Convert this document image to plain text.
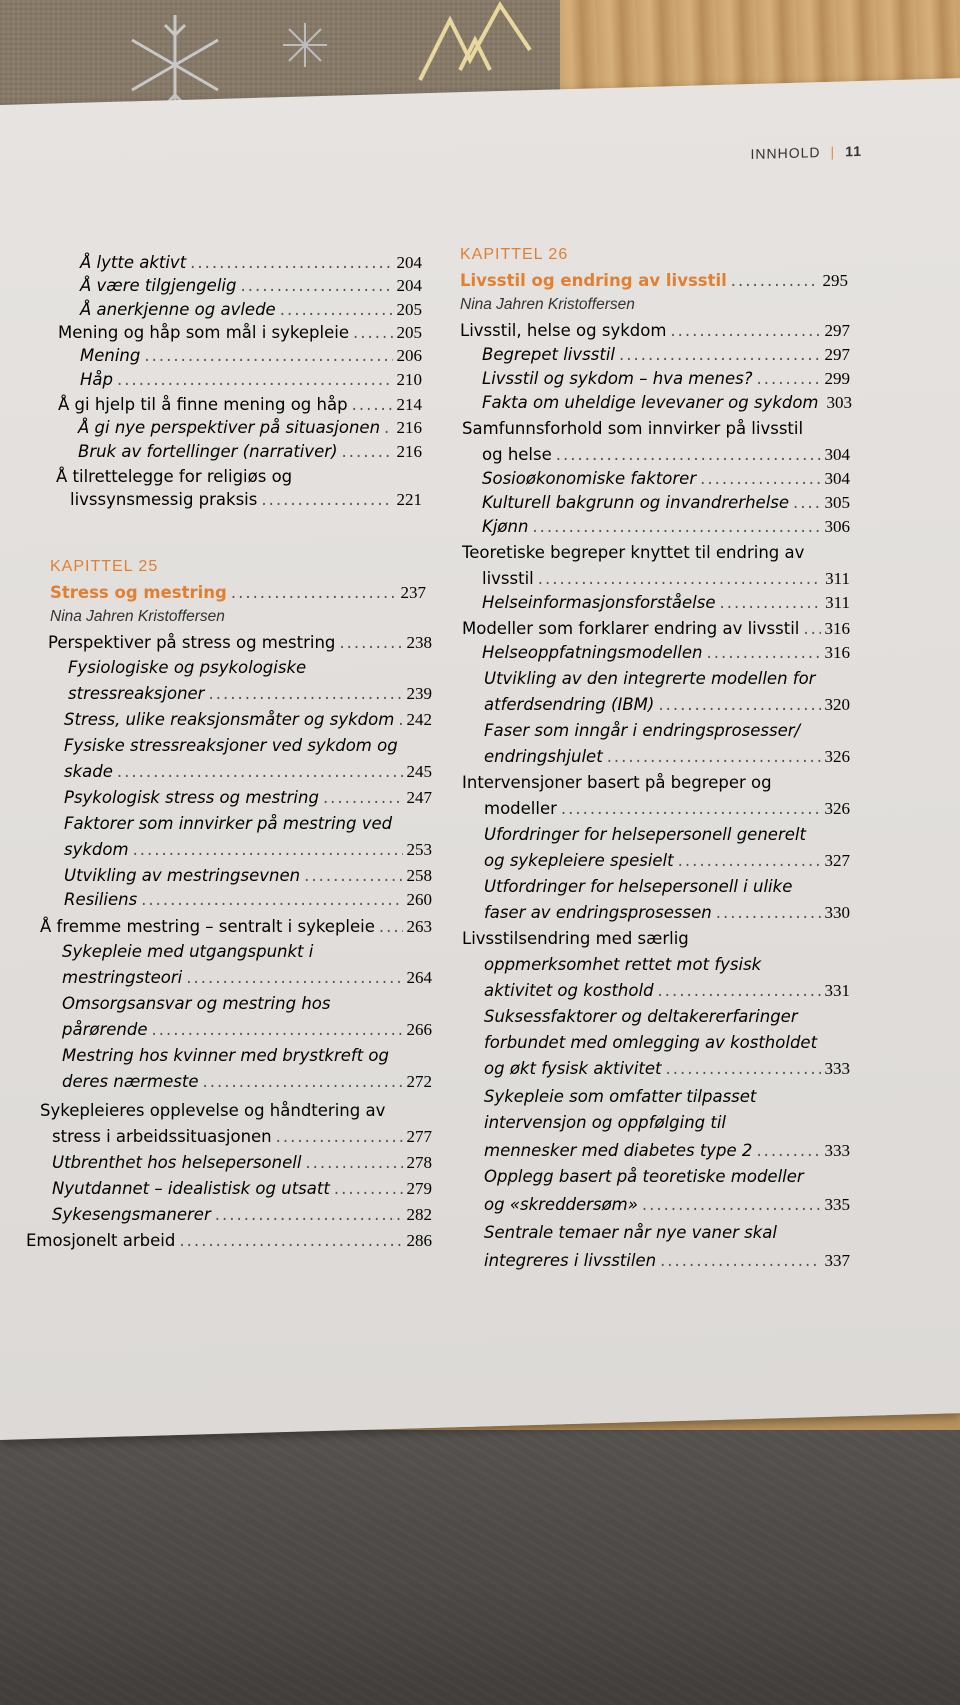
INNHOLD | 11
Å lytte aktivt .....	204
Å være tilgjengelig .....	204
Å anerkjenne og avlede .....	205
Mening og håp som mål i sykepleie .....	205
Mening .....	206
Håp .....	210
Å gi hjelp til å finne mening og håp .....	214
Å gi nye perspektiver på situasjonen ..... 216
Bruk av fortellinger (narrativer) .....	216
Å tilrettelegge for religiøs og
livssynsmessig praksis .....	221
KAPITTEL 25
Stress og mestring .....	237
Nina Jahren Kristoffersen
Perspektiver på stress og mestring .....	238
Fysiologiske og psykologiske
stressreaksjoner .....	239
Stress, ulike reaksjonsmåter og sykdom ..... 242
Fysiske stressreaksjoner ved sykdom og
skade .....	245
Psykologisk stress og mestring .....	247
Faktorer som innvirker på mestring ved
sykdom .....	253
Utvikling av mestringsevnen .....	258
Resiliens .....	260
Å fremme mestring – sentralt i sykepleie ..... 263
Sykepleie med utgangspunkt i
mestringsteori .....	264
Omsorgsansvar og mestring hos
pårørende .....	266
Mestring hos kvinner med brystkreft og
deres nærmeste .....	272
Sykepleieres opplevelse og håndtering av
stress i arbeidssituasjonen .....	277
Utbrenthet hos helsepersonell .....	278
Nyutdannet – idealistisk og utsatt .....	279
Sykesengsmanerer .....	282
Emosjonelt arbeid .....	286
KAPITTEL 26
Livsstil og endring av livsstil .....	295
Nina Jahren Kristoffersen
Livsstil, helse og sykdom .....	297
Begrepet livsstil .....	297
Livsstil og sykdom – hva menes? .....	299
Fakta om uheldige levevaner og sykdom 303
Samfunnsforhold som innvirker på livsstil
og helse .....	304
Sosioøkonomiske faktorer .....	304
Kulturell bakgrunn og invandrerhelse ..... 305
Kjønn .....	306
Teoretiske begreper knyttet til endring av
livsstil .....	311
Helseinformasjonsforståelse .....	311
Modeller som forklarer endring av livsstil ..... 316
Helseoppfatningsmodellen .....	316
Utvikling av den integrerte modellen for
atferdsendring (IBM) .....	320
Faser som inngår i endringsprosesser/
endringshjulet .....	326
Intervensjoner basert på begreper og
modeller .....	326
Ufordringer for helsepersonell generelt
og sykepleiere spesielt .....	327
Utfordringer for helsepersonell i ulike
faser av endringsprosessen .....	330
Livsstilsendring med særlig
oppmerksomhet rettet mot fysisk
aktivitet og kosthold .....	331
Suksessfaktorer og deltakererfaringer
forbundet med omlegging av kostholdet
og økt fysisk aktivitet .....	333
Sykepleie som omfatter tilpasset
intervensjon og oppfølging til
mennesker med diabetes type 2 .....	333
Opplegg basert på teoretiske modeller
og «skreddersøm» .....	335
Sentrale temaer når nye vaner skal
integreres i livsstilen .....	337
